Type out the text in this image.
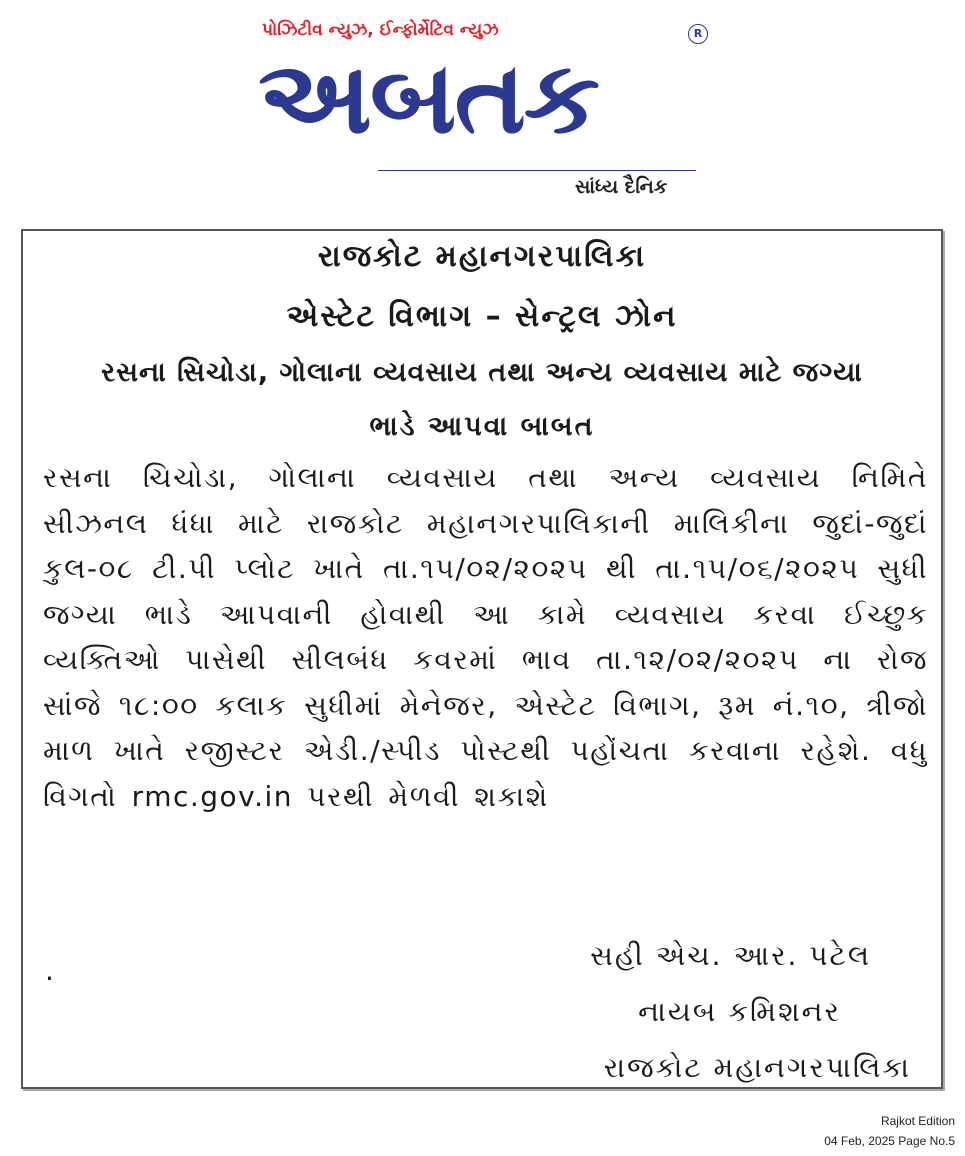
પોઝિટીવ ન્યુઝ, ઈન્ફોર્મેટિવ ન્યુઝ
અબતક
R
સાંધ્ય દૈનિક
રાજકોટ મહાનગરપાલિકા
એસ્ટેટ વિભાગ – સેન્ટ્રલ ઝોન
રસના સિચોડા, ગોલાના વ્યવસાય તથા અન્ય વ્યવસાય માટે જગ્યા
ભાડે આપવા બાબત
રસના ચિચોડા, ગોલાના વ્યવસાય તથા અન્ય વ્યવસાય નિમિતે સીઝનલ ધંધા માટે રાજકોટ મહાનગરપાલિકાની માલિકીના જુદાં-જુદાં કુલ-૦૮ ટી.પી પ્લોટ ખાતે તા.૧૫/૦૨/૨૦૨૫ થી તા.૧૫/૦૬/૨૦૨૫ સુધી જગ્યા ભાડે આપવાની હોવાથી આ કામે વ્યવસાય કરવા ઈચ્છુક વ્યક્તિઓ પાસેથી સીલબંધ કવરમાં ભાવ તા.૧૨/૦૨/૨૦૨૫ ના રોજ સાંજે ૧૮:૦૦ કલાક સુધીમાં મેનેજર, એસ્ટેટ વિભાગ, રૂમ નં.૧૦, ત્રીજો માળ ખાતે રજીસ્ટર એડી./સ્પીડ પોસ્ટથી પહોંચતા કરવાના રહેશે. વધુ વિગતો rmc.gov.in પરથી મેળવી શકાશે
.	સહી એચ. આર. પટેલ
નાયબ કમિશનર
રાજકોટ મહાનગરપાલિકા
Rajkot Edition
04 Feb, 2025 Page No.5
